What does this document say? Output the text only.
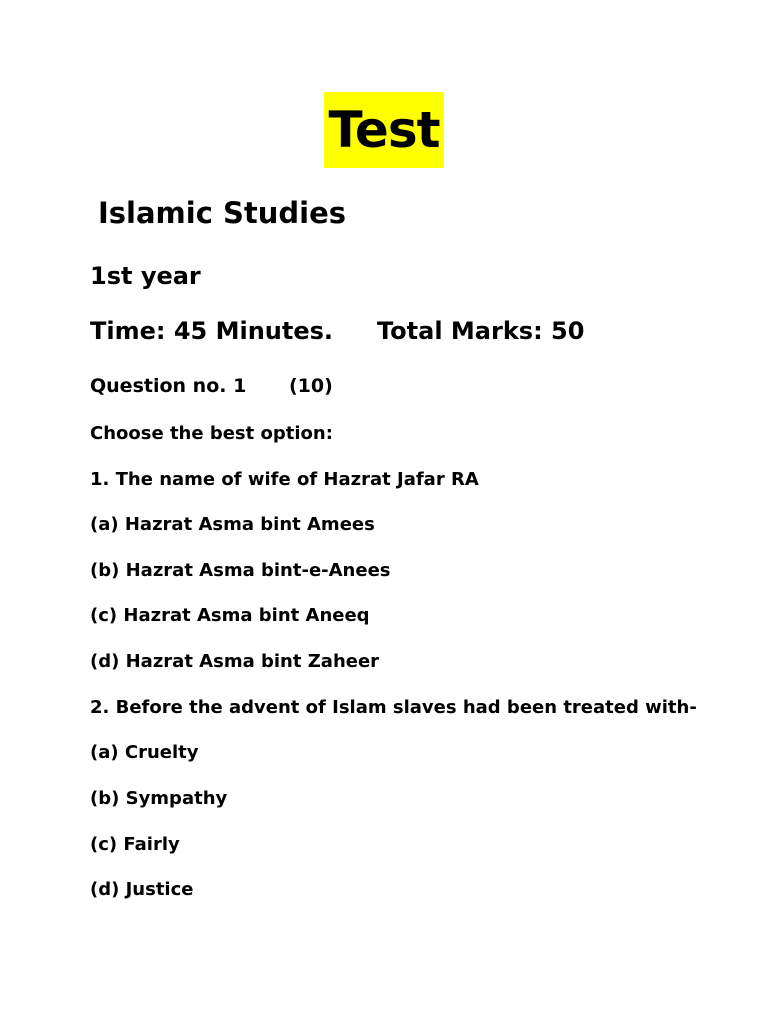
Test
Islamic Studies
1st year
Time: 45 Minutes. Total Marks: 50
Question no. 1 (10)
Choose the best option:
1. The name of wife of Hazrat Jafar RA
(a) Hazrat Asma bint Amees
(b) Hazrat Asma bint-e-Anees
(c) Hazrat Asma bint Aneeq
(d) Hazrat Asma bint Zaheer
2. Before the advent of Islam slaves had been treated with-
(a) Cruelty
(b) Sympathy
(c) Fairly
(d) Justice
